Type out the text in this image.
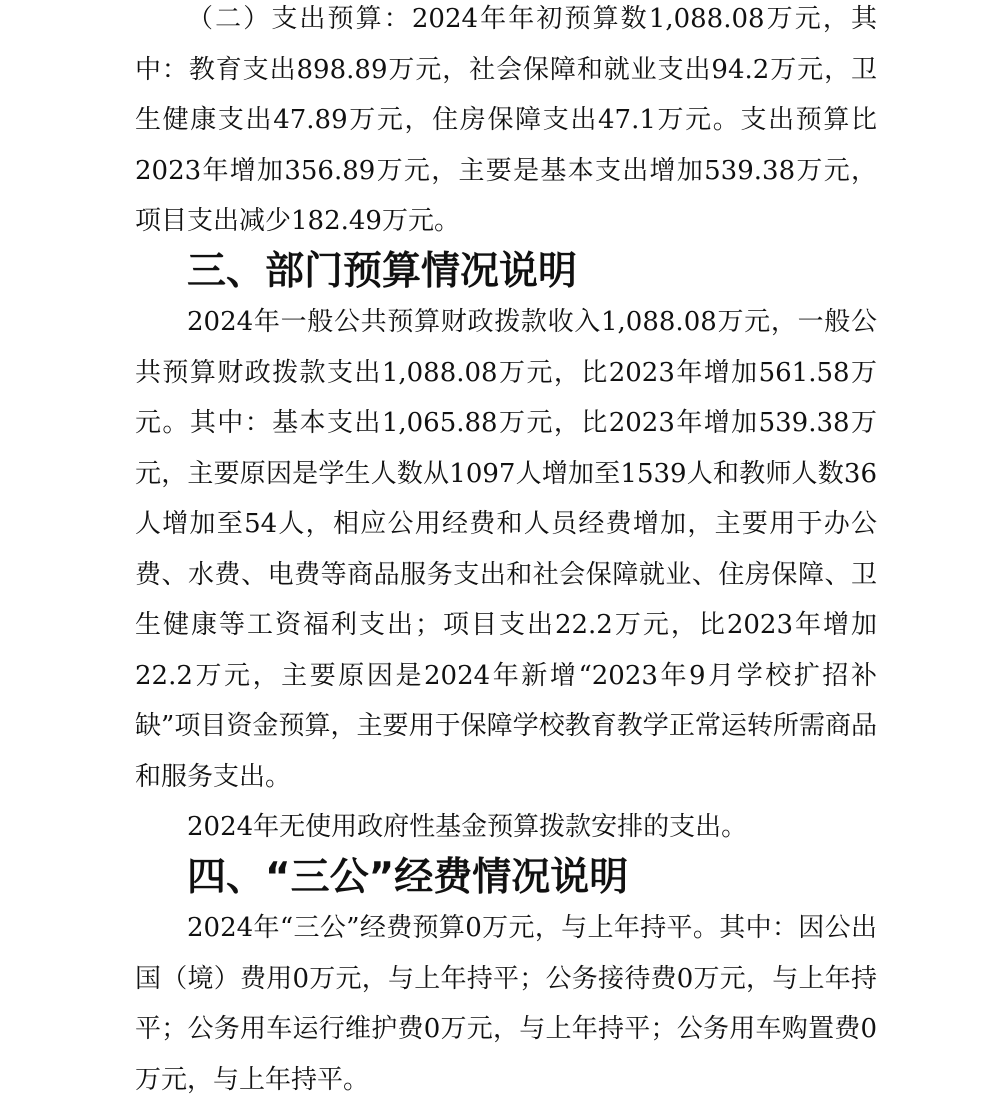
（二）支出预算：2024年年初预算数1,088.08万元，其中：教育支出898.89万元，社会保障和就业支出94.2万元，卫生健康支出47.89万元，住房保障支出47.1万元。支出预算比2023年增加356.89万元，主要是基本支出增加539.38万元，项目支出减少182.49万元。

三、部门预算情况说明

2024年一般公共预算财政拨款收入1,088.08万元，一般公共预算财政拨款支出1,088.08万元，比2023年增加561.58万元。其中：基本支出1,065.88万元，比2023年增加539.38万元，主要原因是学生人数从1097人增加至1539人和教师人数36人增加至54人，相应公用经费和人员经费增加，主要用于办公费、水费、电费等商品服务支出和社会保障就业、住房保障、卫生健康等工资福利支出；项目支出22.2万元，比2023年增加22.2万元，主要原因是2024年新增“2023年9月学校扩招补缺”项目资金预算，主要用于保障学校教育教学正常运转所需商品和服务支出。

2024年无使用政府性基金预算拨款安排的支出。

四、“三公”经费情况说明

2024年“三公”经费预算0万元，与上年持平。其中：因公出国（境）费用0万元，与上年持平；公务接待费0万元，与上年持平；公务用车运行维护费0万元，与上年持平；公务用车购置费0万元，与上年持平。
